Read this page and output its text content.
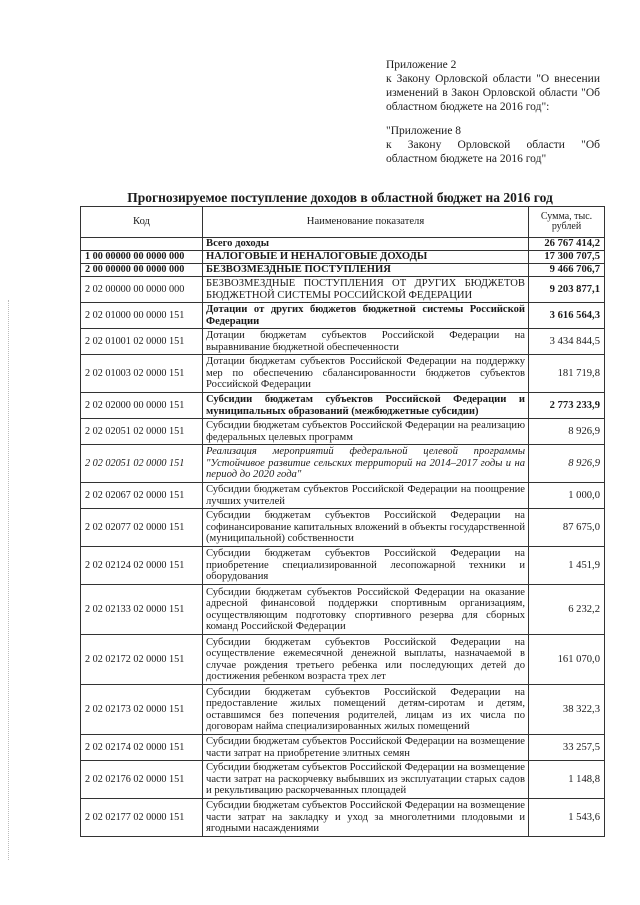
Приложение 2

к Закону Орловской области "О внесении изменений в Закон Орловской области "Об областном бюджете на 2016 год":

"Приложение 8

к Закону Орловской области "Об областном бюджете на 2016 год"

Прогнозируемое поступление доходов в областной бюджет на 2016 год
Код	Наименование показателя	Сумма, тыс. рублей
	Всего доходы	26 767 414,2
1 00 00000 00 0000 000	НАЛОГОВЫЕ И НЕНАЛОГОВЫЕ ДОХОДЫ	17 300 707,5
2 00 00000 00 0000 000	БЕЗВОЗМЕЗДНЫЕ ПОСТУПЛЕНИЯ	9 466 706,7
2 02 00000 00 0000 000	БЕЗВОЗМЕЗДНЫЕ ПОСТУПЛЕНИЯ ОТ ДРУГИХ БЮДЖЕТОВ БЮДЖЕТНОЙ СИСТЕМЫ РОССИЙСКОЙ ФЕДЕРАЦИИ	9 203 877,1
2 02 01000 00 0000 151	Дотации от других бюджетов бюджетной системы Российской Федерации	3 616 564,3
2 02 01001 02 0000 151	Дотации бюджетам субъектов Российской Федерации на выравнивание бюджетной обеспеченности	3 434 844,5
2 02 01003 02 0000 151	Дотации бюджетам субъектов Российской Федерации на поддержку мер по обеспечению сбалансированности бюджетов субъектов Российской Федерации	181 719,8
2 02 02000 00 0000 151	Субсидии бюджетам субъектов Российской Федерации и муниципальных образований (межбюджетные субсидии)	2 773 233,9
2 02 02051 02 0000 151	Субсидии бюджетам субъектов Российской Федерации на реализацию федеральных целевых программ	8 926,9
2 02 02051 02 0000 151	Реализация мероприятий федеральной целевой программы "Устойчивое развитие сельских территорий на 2014–2017 годы и на период до 2020 года"	8 926,9
2 02 02067 02 0000 151	Субсидии бюджетам субъектов Российской Федерации на поощрение лучших учителей	1 000,0
2 02 02077 02 0000 151	Субсидии бюджетам субъектов Российской Федерации на софинансирование капитальных вложений в объекты государственной (муниципальной) собственности	87 675,0
2 02 02124 02 0000 151	Субсидии бюджетам субъектов Российской Федерации на приобретение специализированной лесопожарной техники и оборудования	1 451,9
2 02 02133 02 0000 151	Субсидии бюджетам субъектов Российской Федерации на оказание адресной финансовой поддержки спортивным организациям, осуществляющим подготовку спортивного резерва для сборных команд Российской Федерации	6 232,2
2 02 02172 02 0000 151	Субсидии бюджетам субъектов Российской Федерации на осуществление ежемесячной денежной выплаты, назначаемой в случае рождения третьего ребенка или последующих детей до достижения ребенком возраста трех лет	161 070,0
2 02 02173 02 0000 151	Субсидии бюджетам субъектов Российской Федерации на предоставление жилых помещений детям-сиротам и детям, оставшимся без попечения родителей, лицам из их числа по договорам найма специализированных жилых помещений	38 322,3
2 02 02174 02 0000 151	Субсидии бюджетам субъектов Российской Федерации на возмещение части затрат на приобретение элитных семян	33 257,5
2 02 02176 02 0000 151	Субсидии бюджетам субъектов Российской Федерации на возмещение части затрат на раскорчевку выбывших из эксплуатации старых садов и рекультивацию раскорчеванных площадей	1 148,8
2 02 02177 02 0000 151	Субсидии бюджетам субъектов Российской Федерации на возмещение части затрат на закладку и уход за многолетними плодовыми и ягодными насаждениями	1 543,6
